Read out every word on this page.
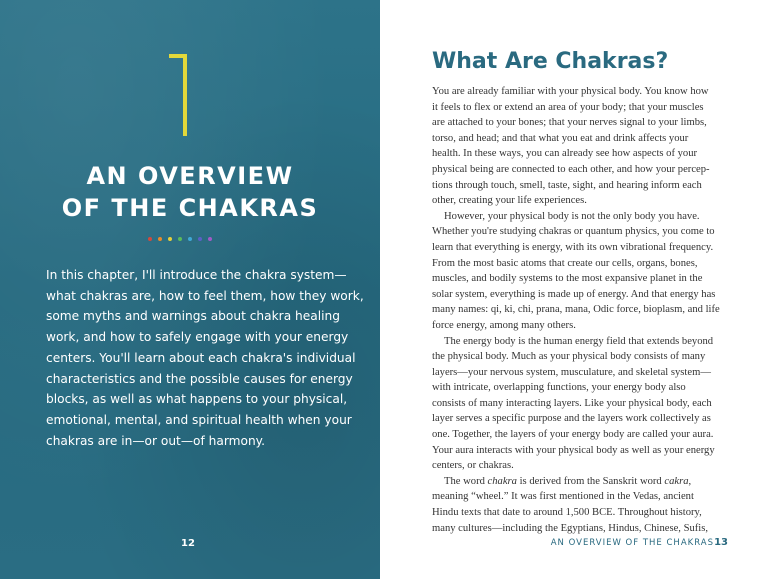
AN OVERVIEW
OF THE CHAKRAS
In this chapter, I'll introduce the chakra system—
what chakras are, how to feel them, how they work,
some myths and warnings about chakra healing
work, and how to safely engage with your energy
centers. You'll learn about each chakra's individual
characteristics and the possible causes for energy
blocks, as well as what happens to your physical,
emotional, mental, and spiritual health when your
chakras are in—or out—of harmony.
12
What Are Chakras?
You are already familiar with your physical body. You know how
it feels to flex or extend an area of your body; that your muscles
are attached to your bones; that your nerves signal to your limbs,
torso, and head; and that what you eat and drink affects your
health. In these ways, you can already see how aspects of your
physical being are connected to each other, and how your percep-
tions through touch, smell, taste, sight, and hearing inform each
other, creating your life experiences.
However, your physical body is not the only body you have.
Whether you're studying chakras or quantum physics, you come to
learn that everything is energy, with its own vibrational frequency.
From the most basic atoms that create our cells, organs, bones,
muscles, and bodily systems to the most expansive planet in the
solar system, everything is made up of energy. And that energy has
many names: qi, ki, chi, prana, mana, Odic force, bioplasm, and life
force energy, among many others.
The energy body is the human energy field that extends beyond
the physical body. Much as your physical body consists of many
layers—your nervous system, musculature, and skeletal system—
with intricate, overlapping functions, your energy body also
consists of many interacting layers. Like your physical body, each
layer serves a specific purpose and the layers work collectively as
one. Together, the layers of your energy body are called your aura.
Your aura interacts with your physical body as well as your energy
centers, or chakras.
The word chakra is derived from the Sanskrit word cakra,
meaning “wheel.” It was first mentioned in the Vedas, ancient
Hindu texts that date to around 1,500 BCE. Throughout history,
many cultures—including the Egyptians, Hindus, Chinese, Sufis,
AN OVERVIEW OF THE CHAKRAS 13
